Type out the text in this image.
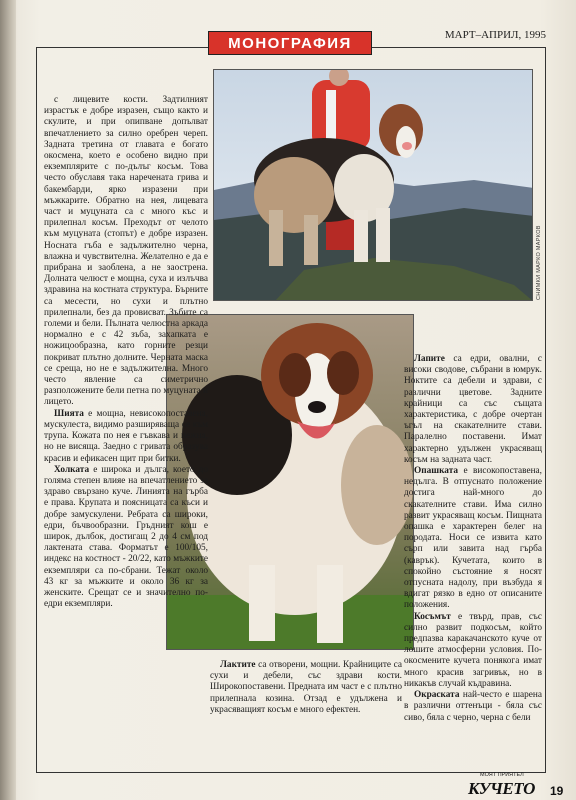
МОНОГРАФИЯ	МАРТ–АПРИЛ, 1995
СНИМКИ МАРКО МАРКОВ

с лицевите кости. Задтилният израстък е добре изразен, също както и скулите, и при опипване допълват впечатлението за силно оребрен череп. Задната третина от главата е богато окосмена, което е особено видно при екземплярите с по-дълъг косъм. Това често обуславя така наречената грива и бакембарди, ярко изразени при мъжкарите. Обратно на нея, лицевата част и муцуната са с много къс и прилепнал косъм. Преходът от челото към муцуната (стопът) е добре изразен. Носната гъба е задължително черна, влажна и чувствителна. Желателно е да е прибрана и заоблена, а не заострена. Долната челюст е мощна, суха и излъчва здравина на костната структура. Бърните са месести, но сухи и плътно прилепнали, без да провисват. Зъбите са големи и бели. Пълната челюстна аркада нормално е с 42 зъба, захапката е ножицообразна, като горните резци покриват плътно долните. Черната маска се среща, но не е задължителна. Много честo явление са симетрично разположените бели петна по муцуната и лицето.

Шията е мощна, невисокопоставена, мускулеста, видимо разширяваща се към трупа. Кожата по нея е гъвкава и нежна, но не висяща. Заедно с гривата образува красив и ефикасен щит при битки.

Холката е широка и дълга, което до голяма степен влияе на впечатлението за здраво свързано куче. Линията на гърба е права. Крупата и поясницата са къси и добре замускулени. Ребрата са широки, едри, бъчвообразни. Гръдният кош е широк, дълбок, достигащ 2 до 4 см под лактената става. Форматът е 100/105, индекс на костност - 20/22, като мъжките екземпляри са по-сбрани. Тежат около 43 кг за мъжките и около 36 кг за женските. Срещат се и значително по-едри екземпляри.

Лактите са отворени, мощни. Крайниците са сухи и дебели, със здрави кости. Широкопоставени. Предната им част е с плътно прилепнала козина. Отзад е удължена и украсяващият косъм е много ефектен.

Лапите са едри, овални, с високи сводове, събрани в юмрук. Ноктите са дебели и здрави, с различни цветове. Задните крайници са със същата характеристика, с добре очертан ъгъл на скакателните стави. Паралелно поставени. Имат характерно удължен украсяващ косъм на задната част.

Опашката е високопоставена, недълга. В отпуснато положение достига най-много до скакателните стави. Има силно развит украсяващ косъм. Пищната опашка е характерен белег на породата. Носи се извита като сърп или завита над гърба (каврък). Кучетата, които в спокойно състояние я носят отпусната надолу, при възбуда я вдигат рязко в едно от описаните положения.

Косъмът е твърд, прав, със силно развит подкосъм, който предпазва каракачанското куче от лошите атмосферни условия. По-окосмените кучета понякога имат много красив загривък, но в никакъв случай къдравина.

Окраската най-често е шарена в различни оттенъци - бяла със сиво, бяла с черно, черна с бели

МОЯТ ПРИЯТЕЛ
КУЧЕТО 19
